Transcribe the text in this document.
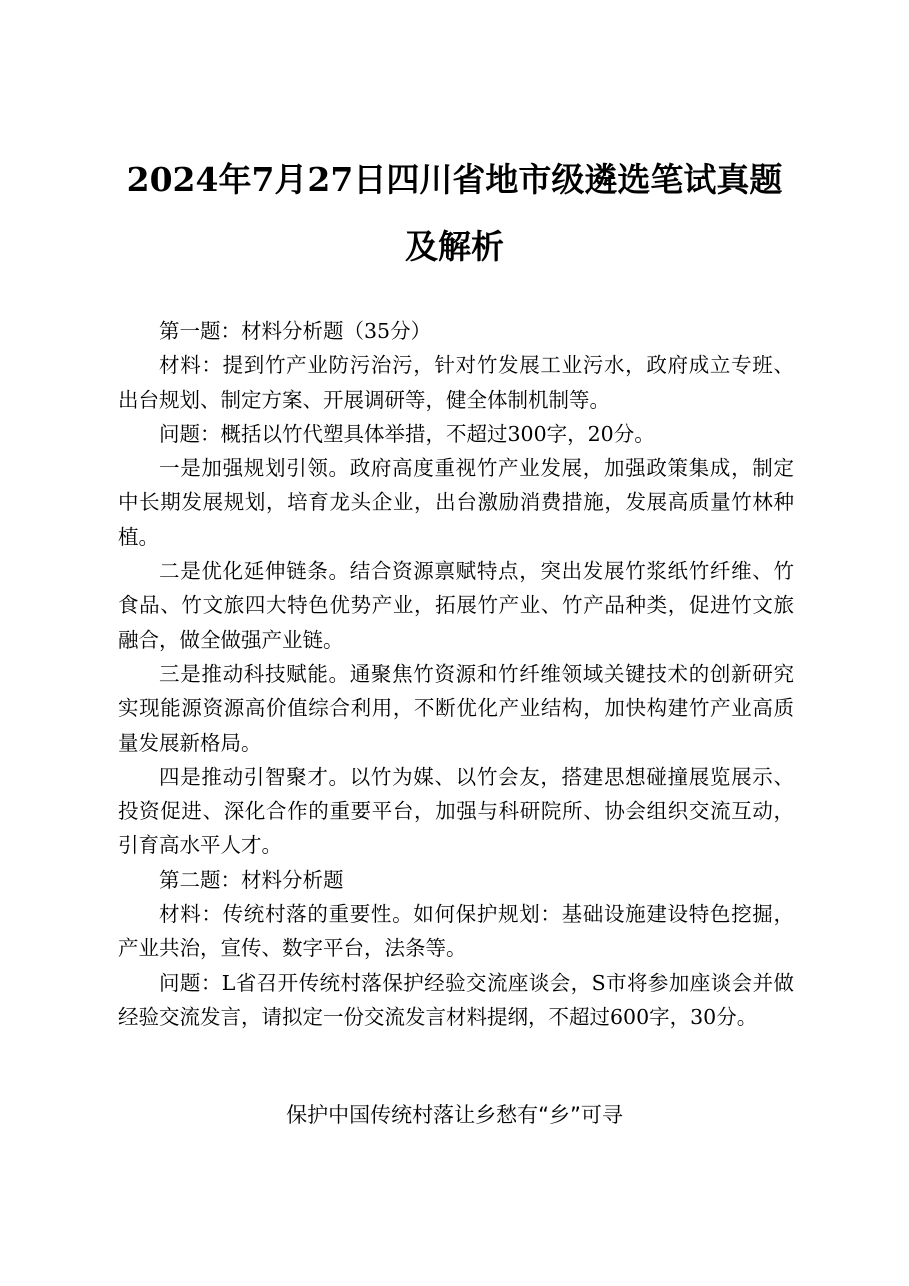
2024年7月27日四川省地市级遴选笔试真题
及解析

第一题：材料分析题（35分）

材料：提到竹产业防污治污，针对竹发展工业污水，政府成立专班、出台规划、制定方案、开展调研等，健全体制机制等。

问题：概括以竹代塑具体举措，不超过300字，20分。

一是加强规划引领。政府高度重视竹产业发展，加强政策集成，制定中长期发展规划，培育龙头企业，出台激励消费措施，发展高质量竹林种植。

二是优化延伸链条。结合资源禀赋特点，突出发展竹浆纸竹纤维、竹食品、竹文旅四大特色优势产业，拓展竹产业、竹产品种类，促进竹文旅融合，做全做强产业链。

三是推动科技赋能。通聚焦竹资源和竹纤维领域关键技术的创新研究实现能源资源高价值综合利用，不断优化产业结构，加快构建竹产业高质量发展新格局。

四是推动引智聚才。以竹为媒、以竹会友，搭建思想碰撞展览展示、投资促进、深化合作的重要平台，加强与科研院所、协会组织交流互动，引育高水平人才。

第二题：材料分析题

材料：传统村落的重要性。如何保护规划：基础设施建设特色挖掘，产业共治，宣传、数字平台，法条等。

问题：L省召开传统村落保护经验交流座谈会，S市将参加座谈会并做经验交流发言，请拟定一份交流发言材料提纲，不超过600字，30分。

保护中国传统村落让乡愁有“乡”可寻
